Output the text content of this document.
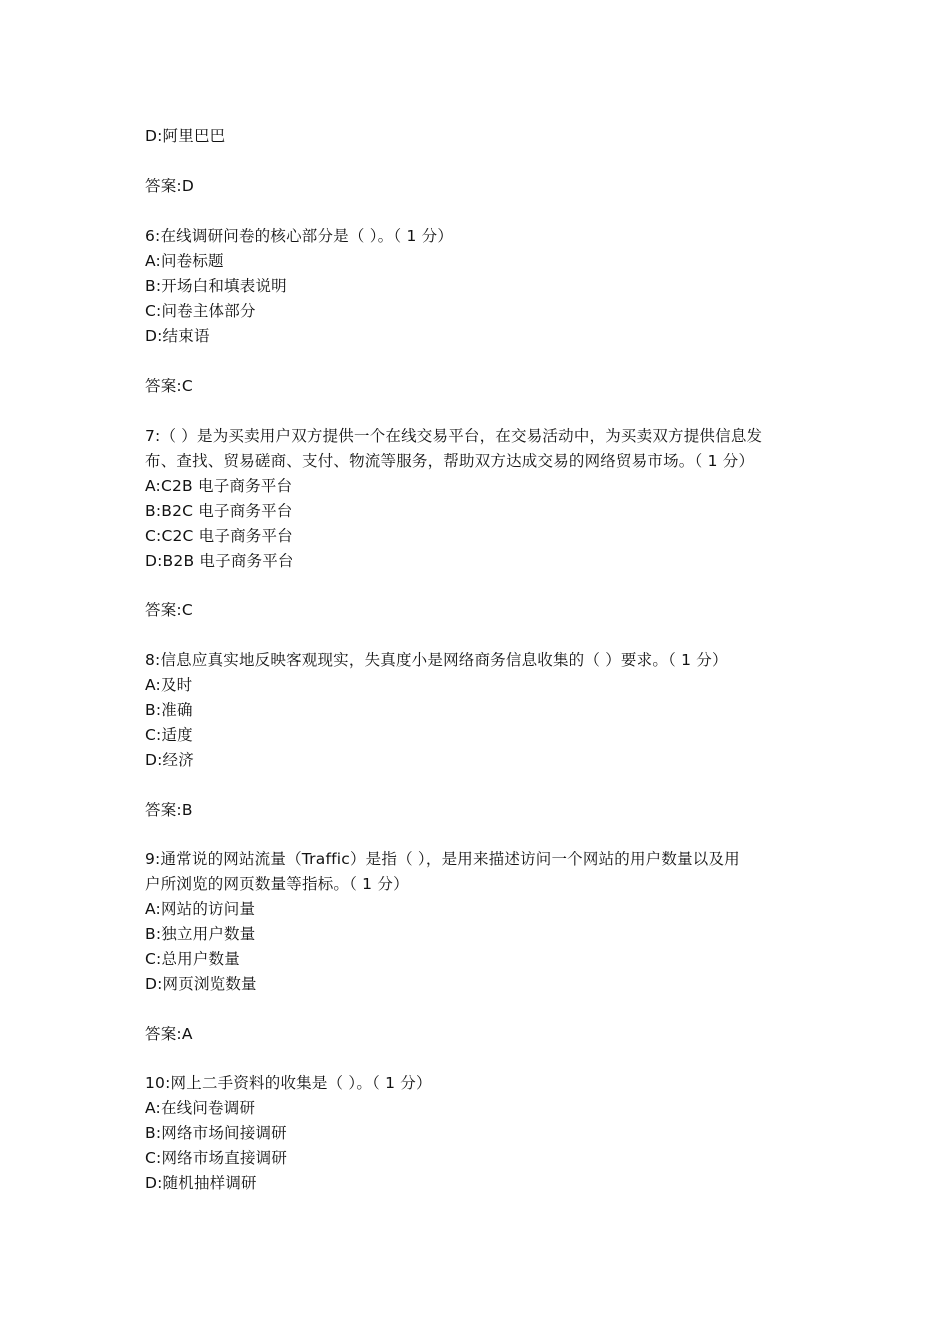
D:阿里巴巴
答案:D
6:在线调研问卷的核心部分是（ ）。（ 1 分）
A:问卷标题
B:开场白和填表说明
C:问卷主体部分
D:结束语
答案:C
7:（ ）是为买卖用户双方提供一个在线交易平台，在交易活动中，为买卖双方提供信息发
布、查找、贸易磋商、支付、物流等服务，帮助双方达成交易的网络贸易市场。（ 1 分）
A:C2B 电子商务平台
B:B2C 电子商务平台
C:C2C 电子商务平台
D:B2B 电子商务平台
答案:C
8:信息应真实地反映客观现实，失真度小是网络商务信息收集的（ ）要求。（ 1 分）
A:及时
B:准确
C:适度
D:经济
答案:B
9:通常说的网站流量（Traffic）是指（ ），是用来描述访问一个网站的用户数量以及用
户所浏览的网页数量等指标。（ 1 分）
A:网站的访问量
B:独立用户数量
C:总用户数量
D:网页浏览数量
答案:A
10:网上二手资料的收集是（ ）。（ 1 分）
A:在线问卷调研
B:网络市场间接调研
C:网络市场直接调研
D:随机抽样调研
